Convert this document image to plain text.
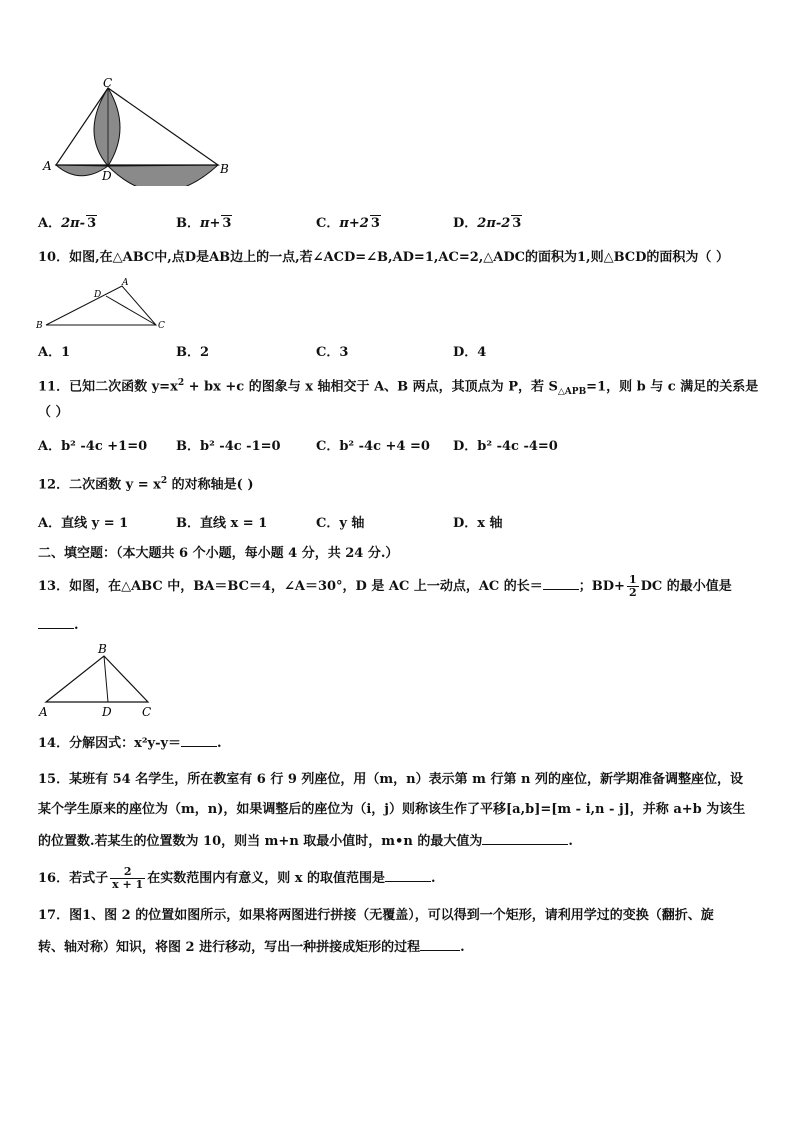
C
A
D	B
A．2π- 3	B．π+ 3	C．π+2 3	D．2π-2 3
10．如图,在△ABC中,点D是AB边上的一点,若∠ACD=∠B,AD=1,AC=2,△ADC的面积为1,则△BCD的面积为（ ）
A
D
B	C
A．1	B．2	C．3	D．4
11．已知二次函数 $y=x^2$ + bx +c 的图象与 x 轴相交于 A、B 两点，其顶点为 P，若 $S_{\triangle APB}=1$，则 b 与 c 满足的关系是
（ ）
A．b² -4c +1=0 B．b² -4c -1=0	C．b² -4c +4 =0 D．b² -4c -4=0
12．二次函数 $y = x^2$ 的对称轴是( )
A．直线 y = 1	B．直线 x = 1	C．y 轴	D．x 轴
二、填空题：（本大题共 6 个小题，每小题 4 分，共 24 分.）
13．如图，在△ABC 中，BA＝BC＝4，∠A＝30°，D 是 AC 上一动点，AC 的长＝	；$BD+ \frac{1}{2}$ DC 的最小值是
.
B
A	D	C
14．分解因式：x²y-y＝	.
15．某班有 54 名学生，所在教室有 6 行 9 列座位，用（m，n）表示第 m 行第 n 列的座位，新学期准备调整座位，设
某个学生原来的座位为（m，n)，如果调整后的座位为（i，j）则称该生作了平移[a,b]=[m - i,n - j]，并称 a+b 为该生
的位置数.若某生的位置数为 10，则当 m+n 取最小值时，m•n 的最大值为	.
16．若式子 $\frac{2}{x + 1}$ 在实数范围内有意义，则 x 的取值范围是	.
17．图1、图 2 的位置如图所示，如果将两图进行拼接（无覆盖），可以得到一个矩形，请利用学过的变换（翻折、旋
转、轴对称）知识，将图 2 进行移动，写出一种拼接成矩形的过程	.
